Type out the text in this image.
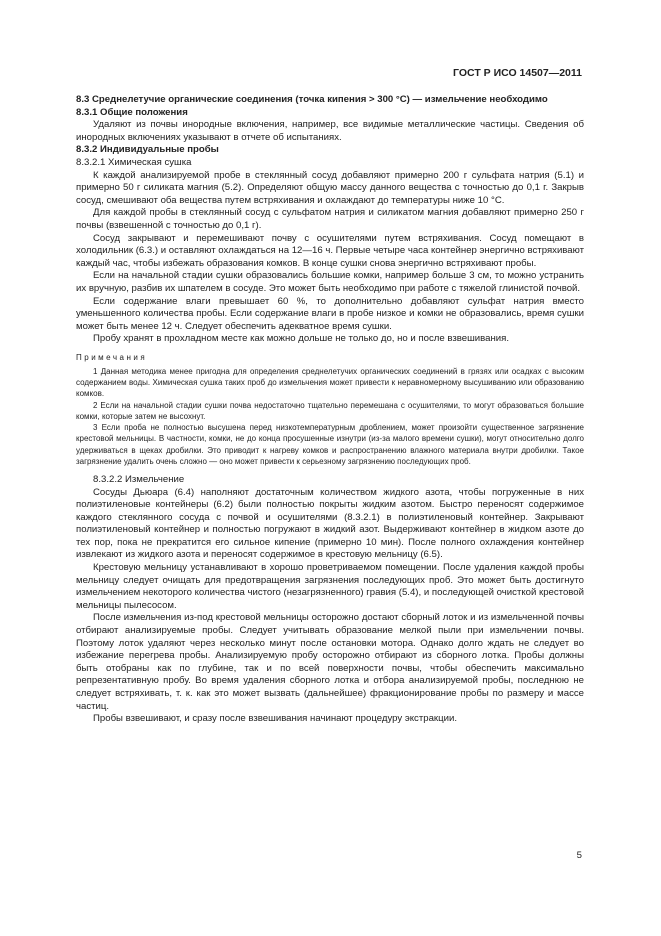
ГОСТ Р ИСО 14507—2011

8.3 Среднелетучие органические соединения (точка кипения > 300 °С) — измельчение необходимо

8.3.1 Общие положения

Удаляют из почвы инородные включения, например, все видимые металлические частицы. Сведения об инородных включениях указывают в отчете об испытаниях.

8.3.2 Индивидуальные пробы

8.3.2.1 Химическая сушка

К каждой анализируемой пробе в стеклянный сосуд добавляют примерно 200 г сульфата натрия (5.1) и примерно 50 г силиката магния (5.2). Определяют общую массу данного вещества с точностью до 0,1 г. Закрыв сосуд, смешивают оба вещества путем встряхивания и охлаждают до температуры ниже 10 °С.

Для каждой пробы в стеклянный сосуд с сульфатом натрия и силикатом магния добавляют примерно 250 г почвы (взвешенной с точностью до 0,1 г).

Сосуд закрывают и перемешивают почву с осушителями путем встряхивания. Сосуд помещают в холодильник (6.3.) и оставляют охлаждаться на 12—16 ч. Первые четыре часа контейнер энергично встряхивают каждый час, чтобы избежать образования комков. В конце сушки снова энергично встряхивают пробы.

Если на начальной стадии сушки образовались большие комки, например больше 3 см, то можно устранить их вручную, разбив их шпателем в сосуде. Это может быть необходимо при работе с тяжелой глинистой почвой.

Если содержание влаги превышает 60 %, то дополнительно добавляют сульфат натрия вместо уменьшенного количества пробы. Если содержание влаги в пробе низкое и комки не образовались, время сушки может быть менее 12 ч. Следует обеспечить адекватное время сушки.

Пробу хранят в прохладном месте как можно дольше не только до, но и после взвешивания.

Примечания

1 Данная методика менее пригодна для определения среднелетучих органических соединений в грязях или осадках с высоким содержанием воды. Химическая сушка таких проб до измельчения может привести к неравномерному высушиванию или образованию комков.

2 Если на начальной стадии сушки почва недостаточно тщательно перемешана с осушителями, то могут образоваться большие комки, которые затем не высохнут.

3 Если проба не полностью высушена перед низкотемпературным дроблением, может произойти существенное загрязнение крестовой мельницы. В частности, комки, не до конца просушенные изнутри (из-за малого времени сушки), могут относительно долго удерживаться в щеках дробилки. Это приводит к нагреву комков и распространению влажного материала внутри дробилки. Такое загрязнение удалить очень сложно — оно может привести к серьезному загрязнению последующих проб.

8.3.2.2 Измельчение

Сосуды Дьюара (6.4) наполняют достаточным количеством жидкого азота, чтобы погруженные в них полиэтиленовые контейнеры (6.2) были полностью покрыты жидким азотом. Быстро переносят содержимое каждого стеклянного сосуда с почвой и осушителями (8.3.2.1) в полиэтиленовый контейнер. Закрывают полиэтиленовый контейнер и полностью погружают в жидкий азот. Выдерживают контейнер в жидком азоте до тех пор, пока не прекратится его сильное кипение (примерно 10 мин). После полного охлаждения контейнер извлекают из жидкого азота и переносят содержимое в крестовую мельницу (6.5).

Крестовую мельницу устанавливают в хорошо проветриваемом помещении. После удаления каждой пробы мельницу следует очищать для предотвращения загрязнения последующих проб. Это может быть достигнуто измельчением некоторого количества чистого (незагрязненного) гравия (5.4), и последующей очисткой крестовой мельницы пылесосом.

После измельчения из-под крестовой мельницы осторожно достают сборный лоток и из измельченной почвы отбирают анализируемые пробы. Следует учитывать образование мелкой пыли при измельчении почвы. Поэтому лоток удаляют через несколько минут после остановки мотора. Однако долго ждать не следует во избежание перегрева пробы. Анализируемую пробу осторожно отбирают из сборного лотка. Пробы должны быть отобраны как по глубине, так и по всей поверхности почвы, чтобы обеспечить максимально репрезентативную пробу. Во время удаления сборного лотка и отбора анализируемой пробы, последнюю не следует встряхивать, т. к. как это может вызвать (дальнейшее) фракционирование пробы по размеру и массе частиц.

Пробы взвешивают, и сразу после взвешивания начинают процедуру экстракции.

5
